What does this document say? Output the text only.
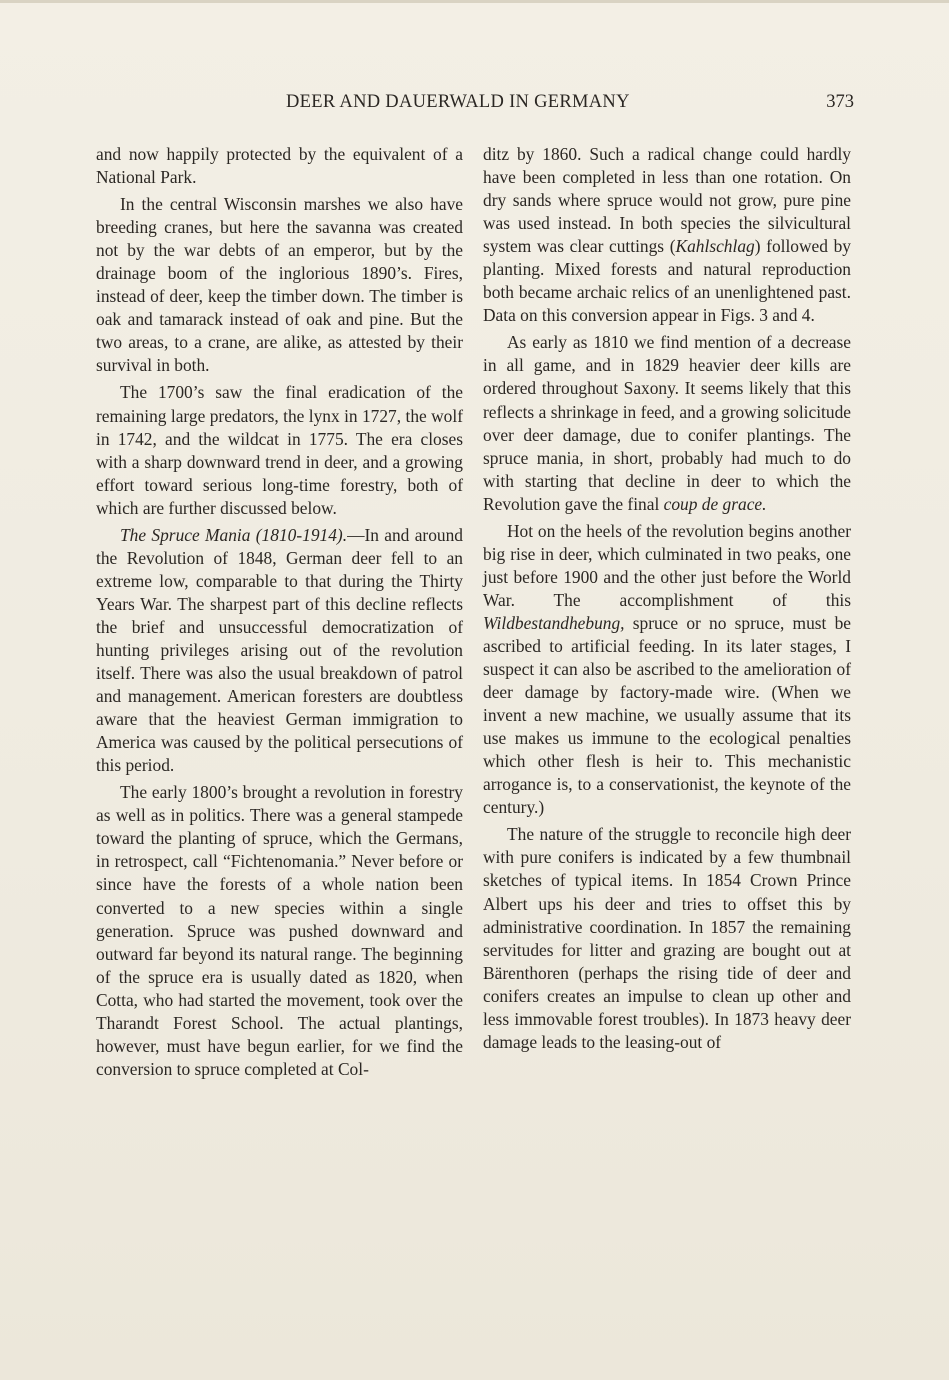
DEER AND DAUERWALD IN GERMANY	373

and now happily protected by the equivalent of a National Park.

In the central Wisconsin marshes we also have breeding cranes, but here the savanna was created not by the war debts of an emperor, but by the drainage boom of the inglorious 1890’s. Fires, instead of deer, keep the timber down. The timber is oak and tamarack instead of oak and pine. But the two areas, to a crane, are alike, as attested by their survival in both.

The 1700’s saw the final eradication of the remaining large predators, the lynx in 1727, the wolf in 1742, and the wildcat in 1775. The era closes with a sharp downward trend in deer, and a growing effort toward serious long-time forestry, both of which are further discussed below.

The Spruce Mania (1810-1914).—In and around the Revolution of 1848, German deer fell to an extreme low, comparable to that during the Thirty Years War. The sharpest part of this decline reflects the brief and unsuccessful democratization of hunting privileges arising out of the revolution itself. There was also the usual breakdown of patrol and management. American foresters are doubtless aware that the heaviest German immigration to America was caused by the political persecutions of this period.

The early 1800’s brought a revolution in forestry as well as in politics. There was a general stampede toward the planting of spruce, which the Germans, in retrospect, call “Fichtenomania.” Never before or since have the forests of a whole nation been converted to a new species within a single generation. Spruce was pushed downward and outward far beyond its natural range. The beginning of the spruce era is usually dated as 1820, when Cotta, who had started the movement, took over the Tharandt Forest School. The actual plantings, however, must have begun earlier, for we find the conversion to spruce completed at Col-

ditz by 1860. Such a radical change could hardly have been completed in less than one rotation. On dry sands where spruce would not grow, pure pine was used instead. In both species the silvicultural system was clear cuttings (Kahlschlag) followed by planting. Mixed forests and natural reproduction both became archaic relics of an unenlightened past. Data on this conversion appear in Figs. 3 and 4.

As early as 1810 we find mention of a decrease in all game, and in 1829 heavier deer kills are ordered throughout Saxony. It seems likely that this reflects a shrinkage in feed, and a growing solicitude over deer damage, due to conifer plantings. The spruce mania, in short, probably had much to do with starting that decline in deer to which the Revolution gave the final coup de grace.

Hot on the heels of the revolution begins another big rise in deer, which culminated in two peaks, one just before 1900 and the other just before the World War. The accomplishment of this Wildbestandhebung, spruce or no spruce, must be ascribed to artificial feeding. In its later stages, I suspect it can also be ascribed to the amelioration of deer damage by factory-made wire. (When we invent a new machine, we usually assume that its use makes us immune to the ecological penalties which other flesh is heir to. This mechanistic arrogance is, to a conservationist, the keynote of the century.)

The nature of the struggle to reconcile high deer with pure conifers is indicated by a few thumbnail sketches of typical items. In 1854 Crown Prince Albert ups his deer and tries to offset this by administrative coordination. In 1857 the remaining servitudes for litter and grazing are bought out at Bärenthoren (perhaps the rising tide of deer and conifers creates an impulse to clean up other and less immovable forest troubles). In 1873 heavy deer damage leads to the leasing-out of
